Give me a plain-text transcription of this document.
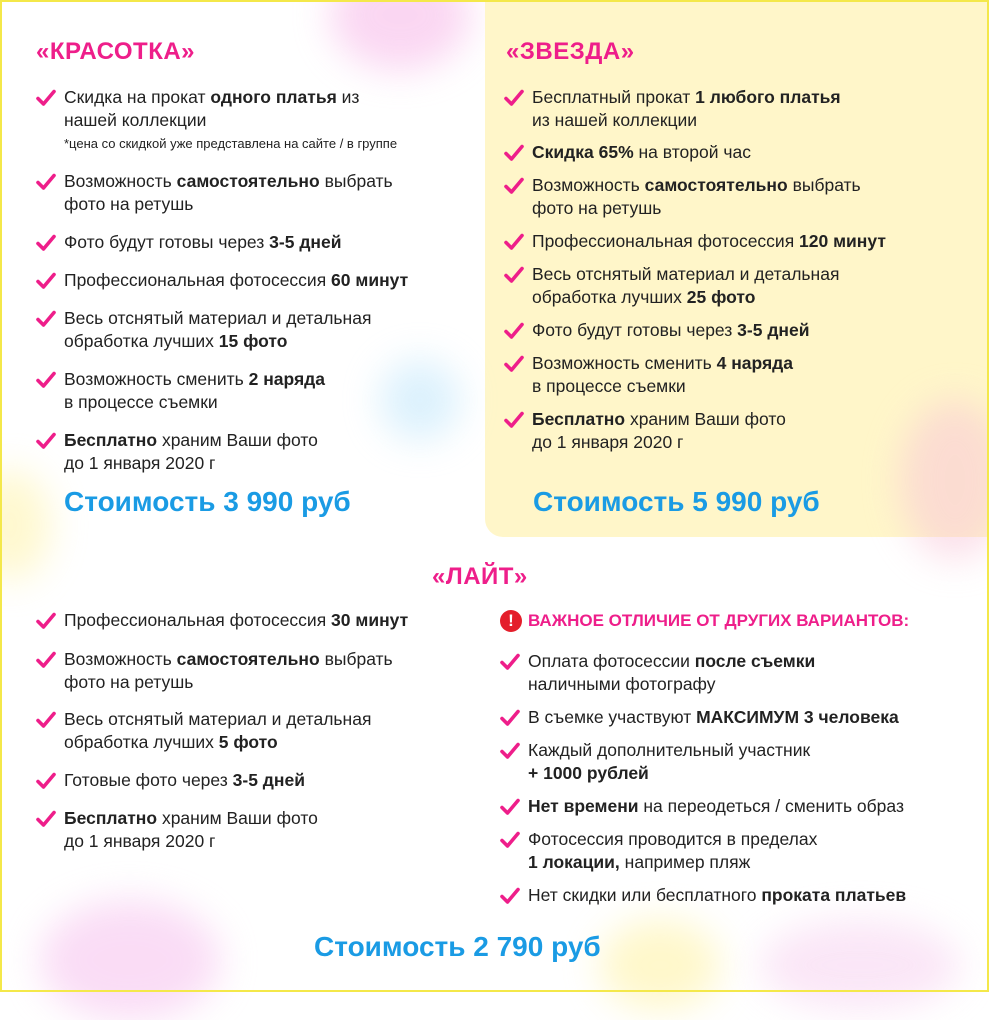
«КРАСОТКА»
Скидка на прокат одного платья из
нашей коллекции
*цена со скидкой уже представлена на сайте / в группе
Возможность самостоятельно выбрать
фото на ретушь
Фото будут готовы через 3-5 дней
Профессиональная фотосессия 60 минут
Весь отснятый материал и детальная
обработка лучших 15 фото
Возможность сменить 2 наряда
в процессе съемки
Бесплатно храним Ваши фото
до 1 января 2020 г
Стоимость 3 990 руб
«ЗВЕЗДА»
Бесплатный прокат 1 любого платья
из нашей коллекции
Скидка 65% на второй час
Возможность самостоятельно выбрать
фото на ретушь
Профессиональная фотосессия 120 минут
Весь отснятый материал и детальная
обработка лучших 25 фото
Фото будут готовы через 3-5 дней
Возможность сменить 4 наряда
в процессе съемки
Бесплатно храним Ваши фото
до 1 января 2020 г
Стоимость 5 990 руб
«ЛАЙТ»
Профессиональная фотосессия 30 минут
Возможность самостоятельно выбрать
фото на ретушь
Весь отснятый материал и детальная
обработка лучших 5 фото
Готовые фото через 3-5 дней
Бесплатно храним Ваши фото
до 1 января 2020 г
! ВАЖНОЕ ОТЛИЧИЕ ОТ ДРУГИХ ВАРИАНТОВ:
Оплата фотосессии после съемки
наличными фотографу
В съемке участвуют МАКСИМУМ 3 человека
Каждый дополнительный участник
+ 1000 рублей
Нет времени на переодеться / сменить образ
Фотосессия проводится в пределах
1 локации, например пляж
Нет скидки или бесплатного проката платьев
Стоимость 2 790 руб
